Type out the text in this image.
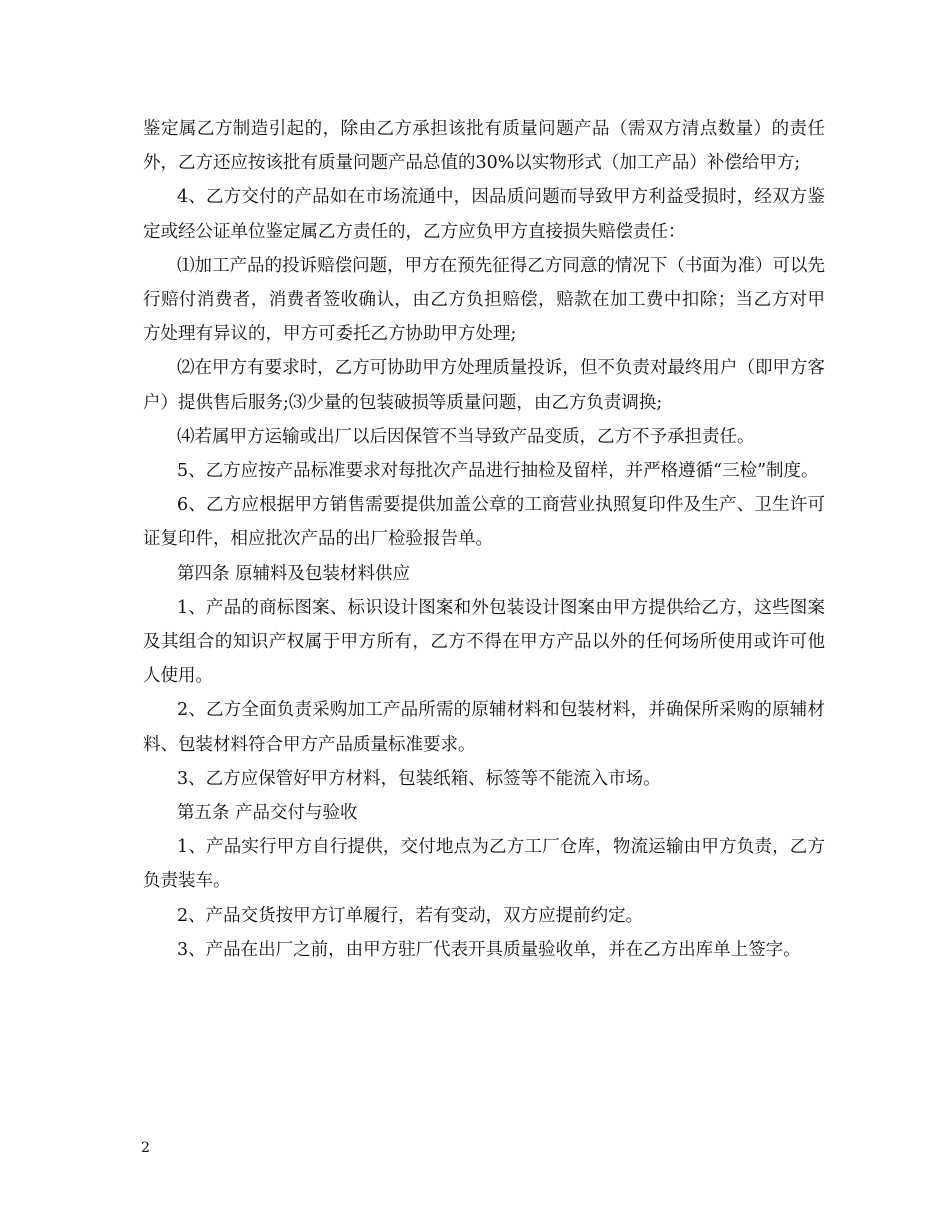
鉴定属乙方制造引起的，除由乙方承担该批有质量问题产品（需双方清点数量）的责任外，乙方还应按该批有质量问题产品总值的30%以实物形式（加工产品）补偿给甲方;

4、乙方交付的产品如在市场流通中，因品质问题而导致甲方利益受损时，经双方鉴定或经公证单位鉴定属乙方责任的，乙方应负甲方直接损失赔偿责任：

⑴加工产品的投诉赔偿问题，甲方在预先征得乙方同意的情况下（书面为准）可以先行赔付消费者，消费者签收确认，由乙方负担赔偿，赔款在加工费中扣除；当乙方对甲方处理有异议的，甲方可委托乙方协助甲方处理;

⑵在甲方有要求时，乙方可协助甲方处理质量投诉，但不负责对最终用户（即甲方客户）提供售后服务;⑶少量的包装破损等质量问题，由乙方负责调换;

⑷若属甲方运输或出厂以后因保管不当导致产品变质，乙方不予承担责任。

5、乙方应按产品标准要求对每批次产品进行抽检及留样，并严格遵循“三检”制度。

6、乙方应根据甲方销售需要提供加盖公章的工商营业执照复印件及生产、卫生许可证复印件，相应批次产品的出厂检验报告单。

第四条 原辅料及包装材料供应

1、产品的商标图案、标识设计图案和外包装设计图案由甲方提供给乙方，这些图案及其组合的知识产权属于甲方所有，乙方不得在甲方产品以外的任何场所使用或许可他人使用。

2、乙方全面负责采购加工产品所需的原辅材料和包装材料，并确保所采购的原辅材料、包装材料符合甲方产品质量标准要求。

3、乙方应保管好甲方材料，包装纸箱、标签等不能流入市场。

第五条 产品交付与验收

1、产品实行甲方自行提供，交付地点为乙方工厂仓库，物流运输由甲方负责，乙方负责装车。

2、产品交货按甲方订单履行，若有变动，双方应提前约定。

3、产品在出厂之前，由甲方驻厂代表开具质量验收单，并在乙方出库单上签字。

2
